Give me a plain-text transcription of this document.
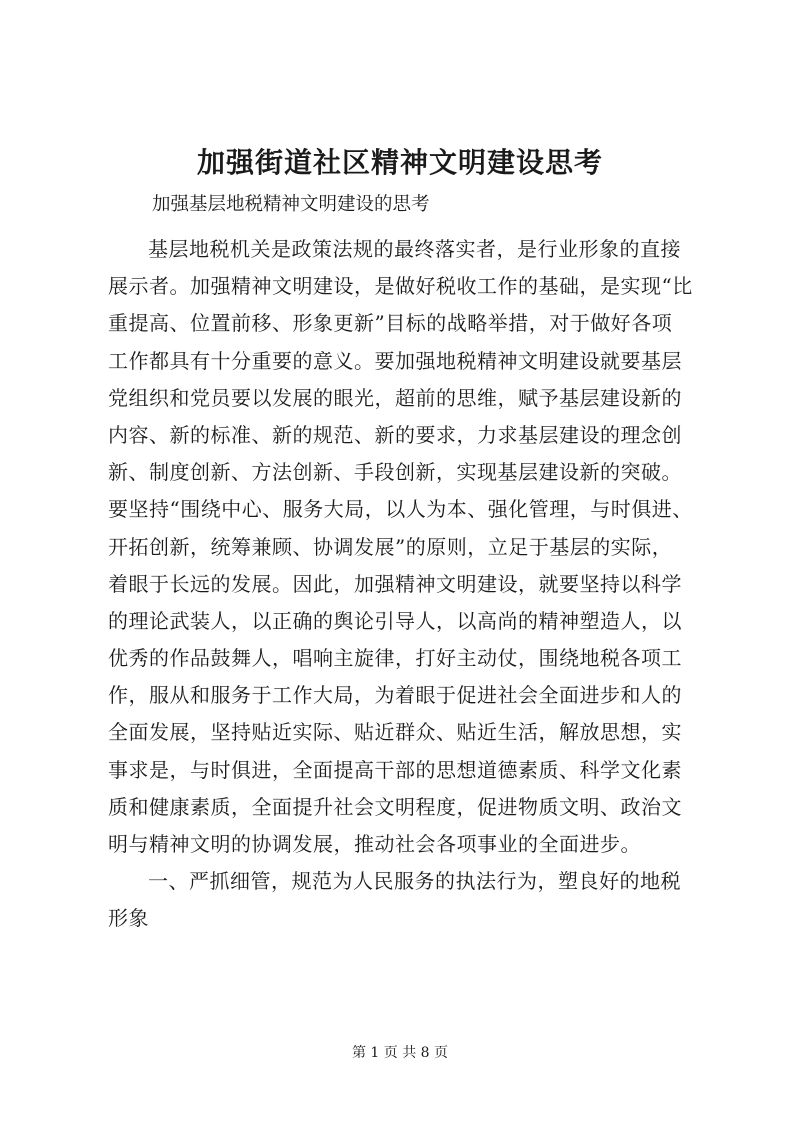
加强街道社区精神文明建设思考
加强基层地税精神文明建设的思考
基层地税机关是政策法规的最终落实者，是行业形象的直接
展示者。加强精神文明建设，是做好税收工作的基础，是实现“比
重提高、位置前移、形象更新”目标的战略举措，对于做好各项
工作都具有十分重要的意义。要加强地税精神文明建设就要基层
党组织和党员要以发展的眼光，超前的思维，赋予基层建设新的
内容、新的标准、新的规范、新的要求，力求基层建设的理念创
新、制度创新、方法创新、手段创新，实现基层建设新的突破。
要坚持“围绕中心、服务大局，以人为本、强化管理，与时俱进、
开拓创新，统筹兼顾、协调发展”的原则，立足于基层的实际，
着眼于长远的发展。因此，加强精神文明建设，就要坚持以科学
的理论武装人，以正确的舆论引导人，以高尚的精神塑造人，以
优秀的作品鼓舞人，唱响主旋律，打好主动仗，围绕地税各项工
作，服从和服务于工作大局，为着眼于促进社会全面进步和人的
全面发展，坚持贴近实际、贴近群众、贴近生活，解放思想，实
事求是，与时俱进，全面提高干部的思想道德素质、科学文化素
质和健康素质，全面提升社会文明程度，促进物质文明、政治文
明与精神文明的协调发展，推动社会各项事业的全面进步。
一、严抓细管，规范为人民服务的执法行为，塑良好的地税
形象
第 1 页 共 8 页
